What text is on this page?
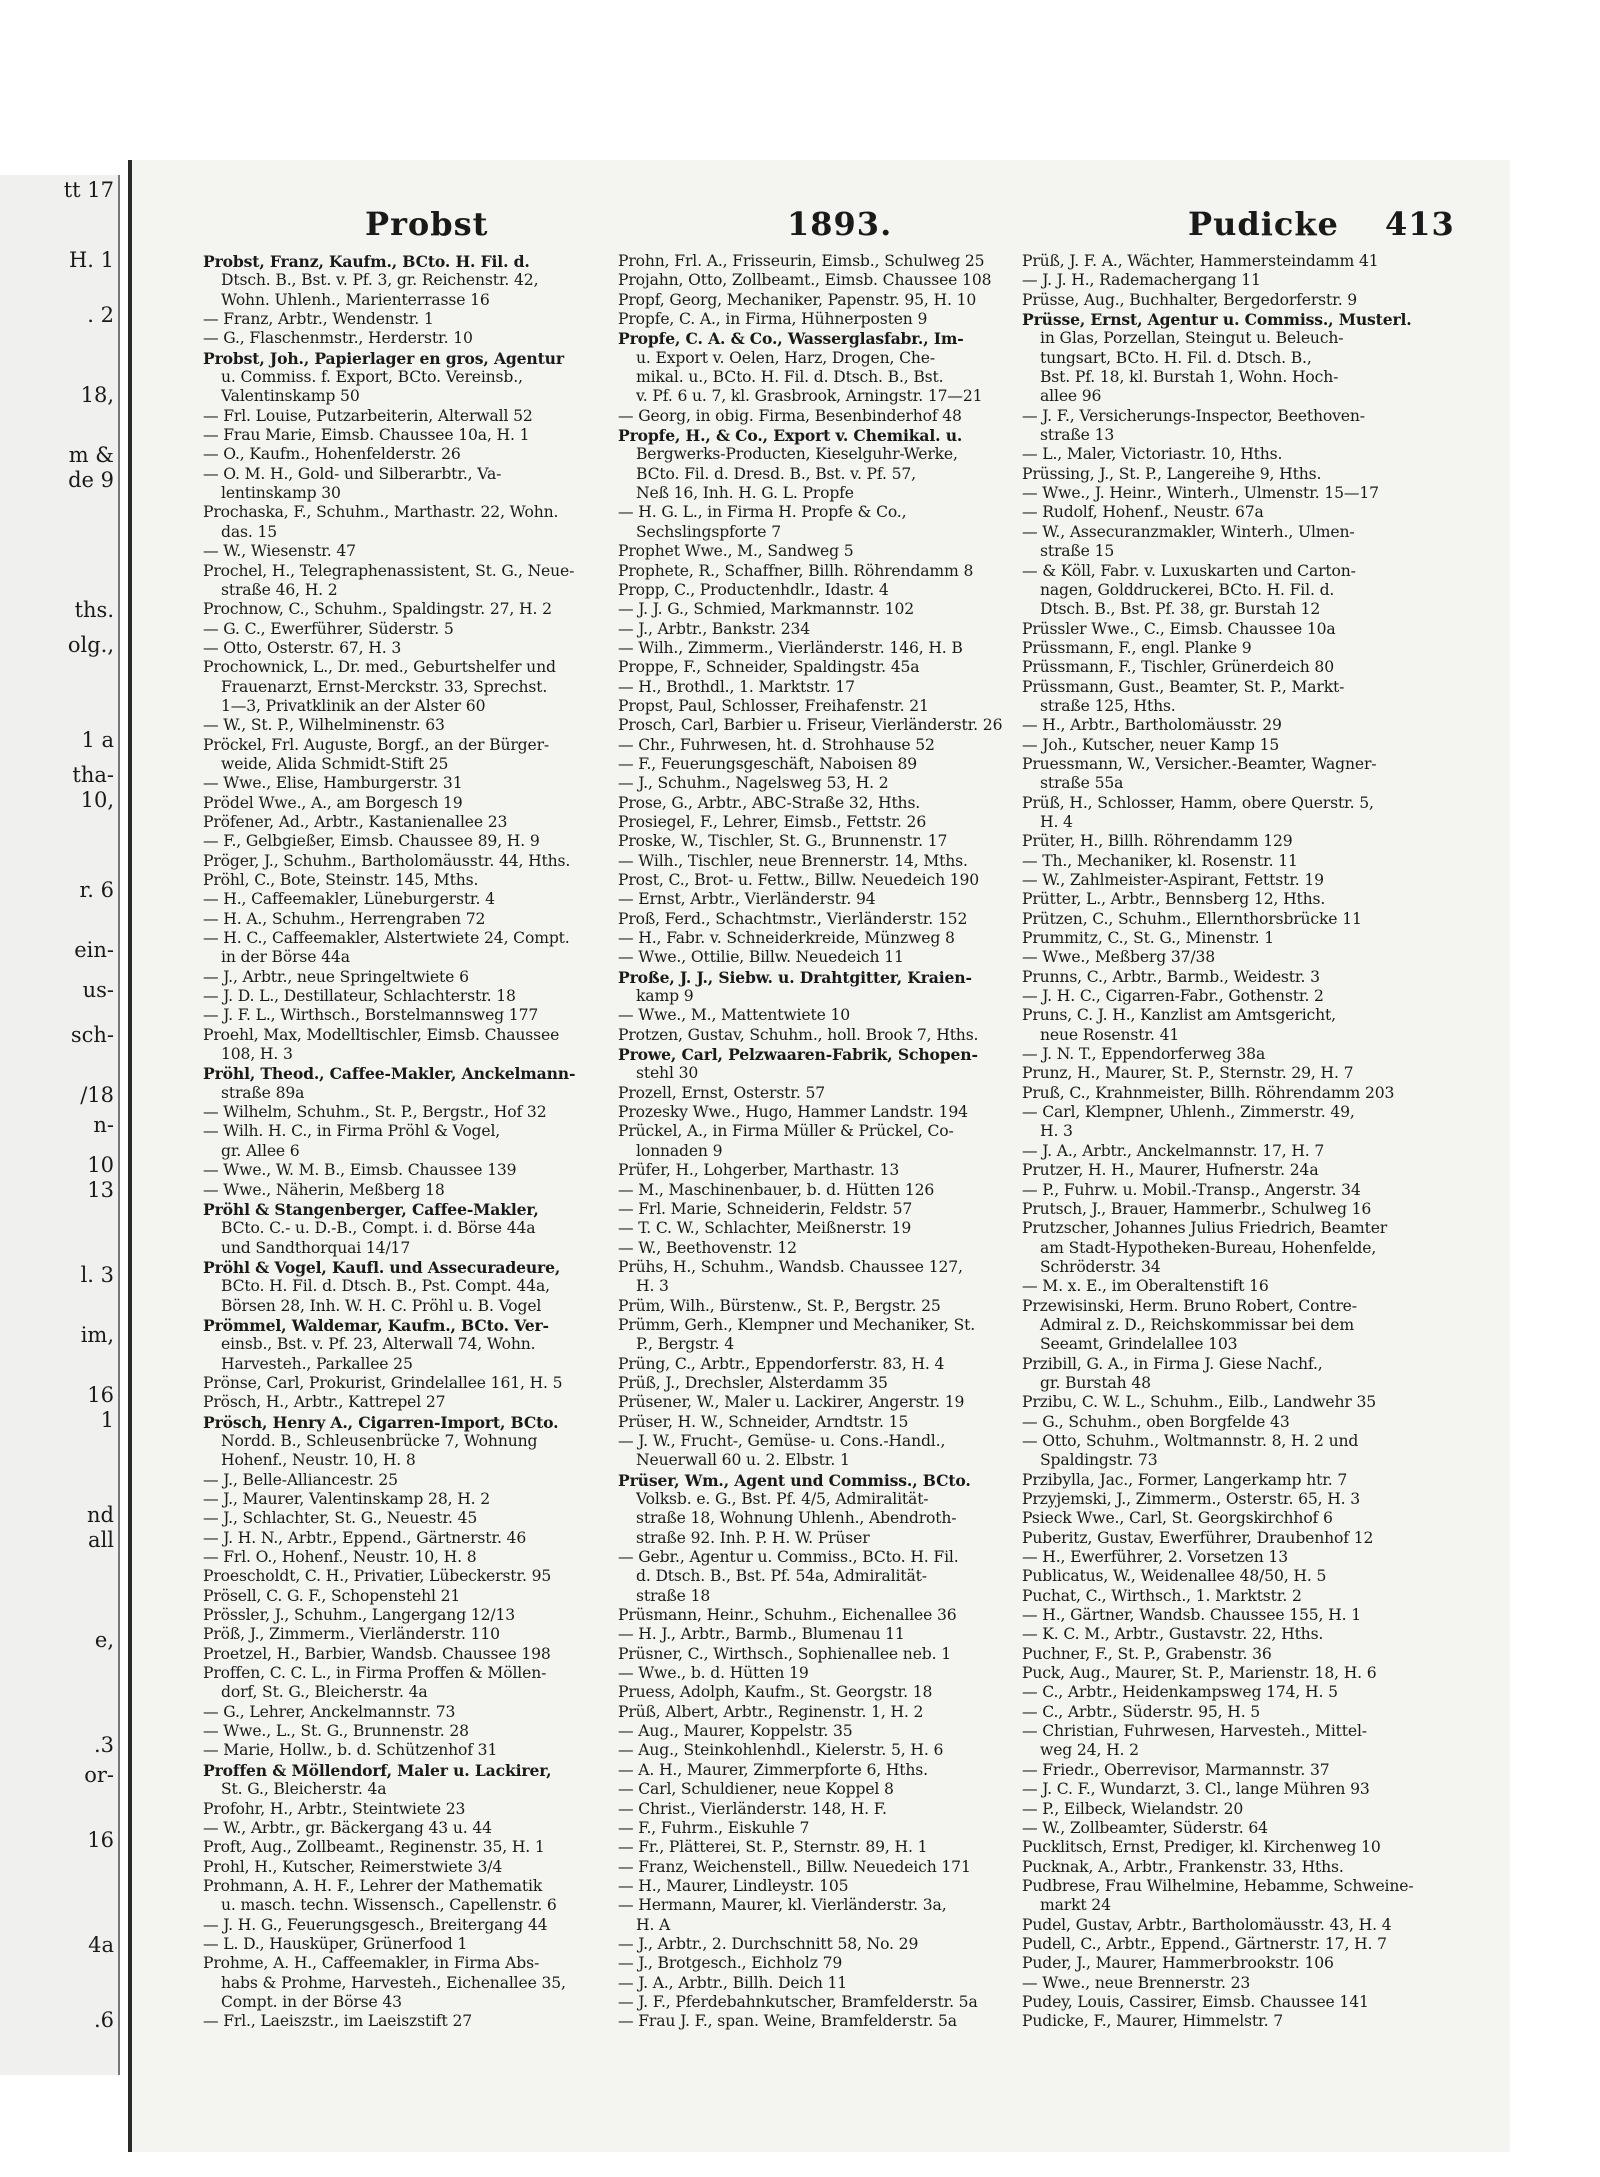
tt 17
H. 1
. 2
18,
m &
de 9
ths.
olg.,
1 a
tha-
10,
r. 6
ein-
us-
sch-
/18
n-
10
13
l. 3
im,
16
1
nd
all
e,
.3
or-
16
4a
.6
Probst	1893.	Pudicke 413
Probst, Franz, Kaufm., BCto. H. Fil. d.
Dtsch. B., Bst. v. Pf. 3, gr. Reichenstr. 42,
Wohn. Uhlenh., Marienterrasse 16
— Franz, Arbtr., Wendenstr. 1
— G., Flaschenmstr., Herderstr. 10
Probst, Joh., Papierlager en gros, Agentur
u. Commiss. f. Export, BCto. Vereinsb.,
Valentinskamp 50
— Frl. Louise, Putzarbeiterin, Alterwall 52
— Frau Marie, Eimsb. Chaussee 10a, H. 1
— O., Kaufm., Hohenfelderstr. 26
— O. M. H., Gold- und Silberarbtr., Va-
lentinskamp 30
Prochaska, F., Schuhm., Marthastr. 22, Wohn.
das. 15
— W., Wiesenstr. 47
Prochel, H., Telegraphenassistent, St. G., Neue-
straße 46, H. 2
Prochnow, C., Schuhm., Spaldingstr. 27, H. 2
— G. C., Ewerführer, Süderstr. 5
— Otto, Osterstr. 67, H. 3
Prochownick, L., Dr. med., Geburtshelfer und
Frauenarzt, Ernst-Merckstr. 33, Sprechst.
1—3, Privatklinik an der Alster 60
— W., St. P., Wilhelminenstr. 63
Pröckel, Frl. Auguste, Borgf., an der Bürger-
weide, Alida Schmidt-Stift 25
— Wwe., Elise, Hamburgerstr. 31
Prödel Wwe., A., am Borgesch 19
Pröfener, Ad., Arbtr., Kastanienallee 23
— F., Gelbgießer, Eimsb. Chaussee 89, H. 9
Pröger, J., Schuhm., Bartholomäusstr. 44, Hths.
Pröhl, C., Bote, Steinstr. 145, Mths.
— H., Caffeemakler, Lüneburgerstr. 4
— H. A., Schuhm., Herrengraben 72
— H. C., Caffeemakler, Alstertwiete 24, Compt.
in der Börse 44a
— J., Arbtr., neue Springeltwiete 6
— J. D. L., Destillateur, Schlachterstr. 18
— J. F. L., Wirthsch., Borstelmannsweg 177
Proehl, Max, Modelltischler, Eimsb. Chaussee
108, H. 3
Pröhl, Theod., Caffee-Makler, Anckelmann-
straße 89a
— Wilhelm, Schuhm., St. P., Bergstr., Hof 32
— Wilh. H. C., in Firma Pröhl & Vogel,
gr. Allee 6
— Wwe., W. M. B., Eimsb. Chaussee 139
— Wwe., Näherin, Meßberg 18
Pröhl & Stangenberger, Caffee-Makler,
BCto. C.- u. D.-B., Compt. i. d. Börse 44a
und Sandthorquai 14/17
Pröhl & Vogel, Kaufl. und Assecuradeure,
BCto. H. Fil. d. Dtsch. B., Pst. Compt. 44a,
Börsen 28, Inh. W. H. C. Pröhl u. B. Vogel
Prömmel, Waldemar, Kaufm., BCto. Ver-
einsb., Bst. v. Pf. 23, Alterwall 74, Wohn.
Harvesteh., Parkallee 25
Prönse, Carl, Prokurist, Grindelallee 161, H. 5
Prösch, H., Arbtr., Kattrepel 27
Prösch, Henry A., Cigarren-Import, BCto.
Nordd. B., Schleusenbrücke 7, Wohnung
Hohenf., Neustr. 10, H. 8
— J., Belle-Alliancestr. 25
— J., Maurer, Valentinskamp 28, H. 2
— J., Schlachter, St. G., Neuestr. 45
— J. H. N., Arbtr., Eppend., Gärtnerstr. 46
— Frl. O., Hohenf., Neustr. 10, H. 8
Proescholdt, C. H., Privatier, Lübeckerstr. 95
Prösell, C. G. F., Schopenstehl 21
Prössler, J., Schuhm., Langergang 12/13
Pröß, J., Zimmerm., Vierländerstr. 110
Proetzel, H., Barbier, Wandsb. Chaussee 198
Proffen, C. C. L., in Firma Proffen & Möllen-
dorf, St. G., Bleicherstr. 4a
— G., Lehrer, Anckelmannstr. 73
— Wwe., L., St. G., Brunnenstr. 28
— Marie, Hollw., b. d. Schützenhof 31
Proffen & Möllendorf, Maler u. Lackirer,
St. G., Bleicherstr. 4a
Profohr, H., Arbtr., Steintwiete 23
— W., Arbtr., gr. Bäckergang 43 u. 44
Proft, Aug., Zollbeamt., Reginenstr. 35, H. 1
Prohl, H., Kutscher, Reimerstwiete 3/4
Prohmann, A. H. F., Lehrer der Mathematik
u. masch. techn. Wissensch., Capellenstr. 6
— J. H. G., Feuerungsgesch., Breitergang 44
— L. D., Hausküper, Grünerfood 1
Prohme, A. H., Caffeemakler, in Firma Abs-
habs & Prohme, Harvesteh., Eichenallee 35,
Compt. in der Börse 43
— Frl., Laeiszstr., im Laeiszstift 27
Prohn, Frl. A., Frisseurin, Eimsb., Schulweg 25
Projahn, Otto, Zollbeamt., Eimsb. Chaussee 108
Propf, Georg, Mechaniker, Papenstr. 95, H. 10
Propfe, C. A., in Firma, Hühnerposten 9
Propfe, C. A. & Co., Wasserglasfabr., Im-
u. Export v. Oelen, Harz, Drogen, Che-
mikal. u., BCto. H. Fil. d. Dtsch. B., Bst.
v. Pf. 6 u. 7, kl. Grasbrook, Arningstr. 17—21
— Georg, in obig. Firma, Besenbinderhof 48
Propfe, H., & Co., Export v. Chemikal. u.
Bergwerks-Producten, Kieselguhr-Werke,
BCto. Fil. d. Dresd. B., Bst. v. Pf. 57,
Neß 16, Inh. H. G. L. Propfe
— H. G. L., in Firma H. Propfe & Co.,
Sechslingspforte 7
Prophet Wwe., M., Sandweg 5
Prophete, R., Schaffner, Billh. Röhrendamm 8
Propp, C., Productenhdlr., Idastr. 4
— J. J. G., Schmied, Markmannstr. 102
— J., Arbtr., Bankstr. 234
— Wilh., Zimmerm., Vierländerstr. 146, H. B
Proppe, F., Schneider, Spaldingstr. 45a
— H., Brothdl., 1. Marktstr. 17
Propst, Paul, Schlosser, Freihafenstr. 21
Prosch, Carl, Barbier u. Friseur, Vierländerstr. 26
— Chr., Fuhrwesen, ht. d. Strohhause 52
— F., Feuerungsgeschäft, Naboisen 89
— J., Schuhm., Nagelsweg 53, H. 2
Prose, G., Arbtr., ABC-Straße 32, Hths.
Prosiegel, F., Lehrer, Eimsb., Fettstr. 26
Proske, W., Tischler, St. G., Brunnenstr. 17
— Wilh., Tischler, neue Brennerstr. 14, Mths.
Prost, C., Brot- u. Fettw., Billw. Neuedeich 190
— Ernst, Arbtr., Vierländerstr. 94
Proß, Ferd., Schachtmstr., Vierländerstr. 152
— H., Fabr. v. Schneiderkreide, Münzweg 8
— Wwe., Ottilie, Billw. Neuedeich 11
Proße, J. J., Siebw. u. Drahtgitter, Kraien-
kamp 9
— Wwe., M., Mattentwiete 10
Protzen, Gustav, Schuhm., holl. Brook 7, Hths.
Prowe, Carl, Pelzwaaren-Fabrik, Schopen-
stehl 30
Prozell, Ernst, Osterstr. 57
Prozesky Wwe., Hugo, Hammer Landstr. 194
Prückel, A., in Firma Müller & Prückel, Co-
lonnaden 9
Prüfer, H., Lohgerber, Marthastr. 13
— M., Maschinenbauer, b. d. Hütten 126
— Frl. Marie, Schneiderin, Feldstr. 57
— T. C. W., Schlachter, Meißnerstr. 19
— W., Beethovenstr. 12
Prühs, H., Schuhm., Wandsb. Chaussee 127,
H. 3
Prüm, Wilh., Bürstenw., St. P., Bergstr. 25
Prümm, Gerh., Klempner und Mechaniker, St.
P., Bergstr. 4
Prüng, C., Arbtr., Eppendorferstr. 83, H. 4
Prüß, J., Drechsler, Alsterdamm 35
Prüsener, W., Maler u. Lackirer, Angerstr. 19
Prüser, H. W., Schneider, Arndtstr. 15
— J. W., Frucht-, Gemüse- u. Cons.-Handl.,
Neuerwall 60 u. 2. Elbstr. 1
Prüser, Wm., Agent und Commiss., BCto.
Volksb. e. G., Bst. Pf. 4/5, Admiralität-
straße 18, Wohnung Uhlenh., Abendroth-
straße 92. Inh. P. H. W. Prüser
— Gebr., Agentur u. Commiss., BCto. H. Fil.
d. Dtsch. B., Bst. Pf. 54a, Admiralität-
straße 18
Prüsmann, Heinr., Schuhm., Eichenallee 36
— H. J., Arbtr., Barmb., Blumenau 11
Prüsner, C., Wirthsch., Sophienallee neb. 1
— Wwe., b. d. Hütten 19
Pruess, Adolph, Kaufm., St. Georgstr. 18
Prüß, Albert, Arbtr., Reginenstr. 1, H. 2
— Aug., Maurer, Koppelstr. 35
— Aug., Steinkohlenhdl., Kielerstr. 5, H. 6
— A. H., Maurer, Zimmerpforte 6, Hths.
— Carl, Schuldiener, neue Koppel 8
— Christ., Vierländerstr. 148, H. F.
— F., Fuhrm., Eiskuhle 7
— Fr., Plätterei, St. P., Sternstr. 89, H. 1
— Franz, Weichenstell., Billw. Neuedeich 171
— H., Maurer, Lindleystr. 105
— Hermann, Maurer, kl. Vierländerstr. 3a,
H. A
— J., Arbtr., 2. Durchschnitt 58, No. 29
— J., Brotgesch., Eichholz 79
— J. A., Arbtr., Billh. Deich 11
— J. F., Pferdebahnkutscher, Bramfelderstr. 5a
— Frau J. F., span. Weine, Bramfelderstr. 5a
Prüß, J. F. A., Wächter, Hammersteindamm 41
— J. J. H., Rademachergang 11
Prüsse, Aug., Buchhalter, Bergedorferstr. 9
Prüsse, Ernst, Agentur u. Commiss., Musterl.
in Glas, Porzellan, Steingut u. Beleuch-
tungsart, BCto. H. Fil. d. Dtsch. B.,
Bst. Pf. 18, kl. Burstah 1, Wohn. Hoch-
allee 96
— J. F., Versicherungs-Inspector, Beethoven-
straße 13
— L., Maler, Victoriastr. 10, Hths.
Prüssing, J., St. P., Langereihe 9, Hths.
— Wwe., J. Heinr., Winterh., Ulmenstr. 15—17
— Rudolf, Hohenf., Neustr. 67a
— W., Assecuranzmakler, Winterh., Ulmen-
straße 15
— & Köll, Fabr. v. Luxuskarten und Carton-
nagen, Golddruckerei, BCto. H. Fil. d.
Dtsch. B., Bst. Pf. 38, gr. Burstah 12
Prüssler Wwe., C., Eimsb. Chaussee 10a
Prüssmann, F., engl. Planke 9
Prüssmann, F., Tischler, Grünerdeich 80
Prüssmann, Gust., Beamter, St. P., Markt-
straße 125, Hths.
— H., Arbtr., Bartholomäusstr. 29
— Joh., Kutscher, neuer Kamp 15
Pruessmann, W., Versicher.-Beamter, Wagner-
straße 55a
Prüß, H., Schlosser, Hamm, obere Querstr. 5,
H. 4
Prüter, H., Billh. Röhrendamm 129
— Th., Mechaniker, kl. Rosenstr. 11
— W., Zahlmeister-Aspirant, Fettstr. 19
Prütter, L., Arbtr., Bennsberg 12, Hths.
Prützen, C., Schuhm., Ellernthorsbrücke 11
Prummitz, C., St. G., Minenstr. 1
— Wwe., Meßberg 37/38
Prunns, C., Arbtr., Barmb., Weidestr. 3
— J. H. C., Cigarren-Fabr., Gothenstr. 2
Pruns, C. J. H., Kanzlist am Amtsgericht,
neue Rosenstr. 41
— J. N. T., Eppendorferweg 38a
Prunz, H., Maurer, St. P., Sternstr. 29, H. 7
Pruß, C., Krahnmeister, Billh. Röhrendamm 203
— Carl, Klempner, Uhlenh., Zimmerstr. 49,
H. 3
— J. A., Arbtr., Anckelmannstr. 17, H. 7
Prutzer, H. H., Maurer, Hufnerstr. 24a
— P., Fuhrw. u. Mobil.-Transp., Angerstr. 34
Prutsch, J., Brauer, Hammerbr., Schulweg 16
Prutzscher, Johannes Julius Friedrich, Beamter
am Stadt-Hypotheken-Bureau, Hohenfelde,
Schröderstr. 34
— M. x. E., im Oberaltenstift 16
Przewisinski, Herm. Bruno Robert, Contre-
Admiral z. D., Reichskommissar bei dem
Seeamt, Grindelallee 103
Przibill, G. A., in Firma J. Giese Nachf.,
gr. Burstah 48
Przibu, C. W. L., Schuhm., Eilb., Landwehr 35
— G., Schuhm., oben Borgfelde 43
— Otto, Schuhm., Woltmannstr. 8, H. 2 und
Spaldingstr. 73
Przibylla, Jac., Former, Langerkamp htr. 7
Przyjemski, J., Zimmerm., Osterstr. 65, H. 3
Psieck Wwe., Carl, St. Georgskirchhof 6
Puberitz, Gustav, Ewerführer, Draubenhof 12
— H., Ewerführer, 2. Vorsetzen 13
Publicatus, W., Weidenallee 48/50, H. 5
Puchat, C., Wirthsch., 1. Marktstr. 2
— H., Gärtner, Wandsb. Chaussee 155, H. 1
— K. C. M., Arbtr., Gustavstr. 22, Hths.
Puchner, F., St. P., Grabenstr. 36
Puck, Aug., Maurer, St. P., Marienstr. 18, H. 6
— C., Arbtr., Heidenkampsweg 174, H. 5
— C., Arbtr., Süderstr. 95, H. 5
— Christian, Fuhrwesen, Harvesteh., Mittel-
weg 24, H. 2
— Friedr., Oberrevisor, Marmannstr. 37
— J. C. F., Wundarzt, 3. Cl., lange Mühren 93
— P., Eilbeck, Wielandstr. 20
— W., Zollbeamter, Süderstr. 64
Pucklitsch, Ernst, Prediger, kl. Kirchenweg 10
Pucknak, A., Arbtr., Frankenstr. 33, Hths.
Pudbrese, Frau Wilhelmine, Hebamme, Schweine-
markt 24
Pudel, Gustav, Arbtr., Bartholomäusstr. 43, H. 4
Pudell, C., Arbtr., Eppend., Gärtnerstr. 17, H. 7
Puder, J., Maurer, Hammerbrookstr. 106
— Wwe., neue Brennerstr. 23
Pudey, Louis, Cassirer, Eimsb. Chaussee 141
Pudicke, F., Maurer, Himmelstr. 7
